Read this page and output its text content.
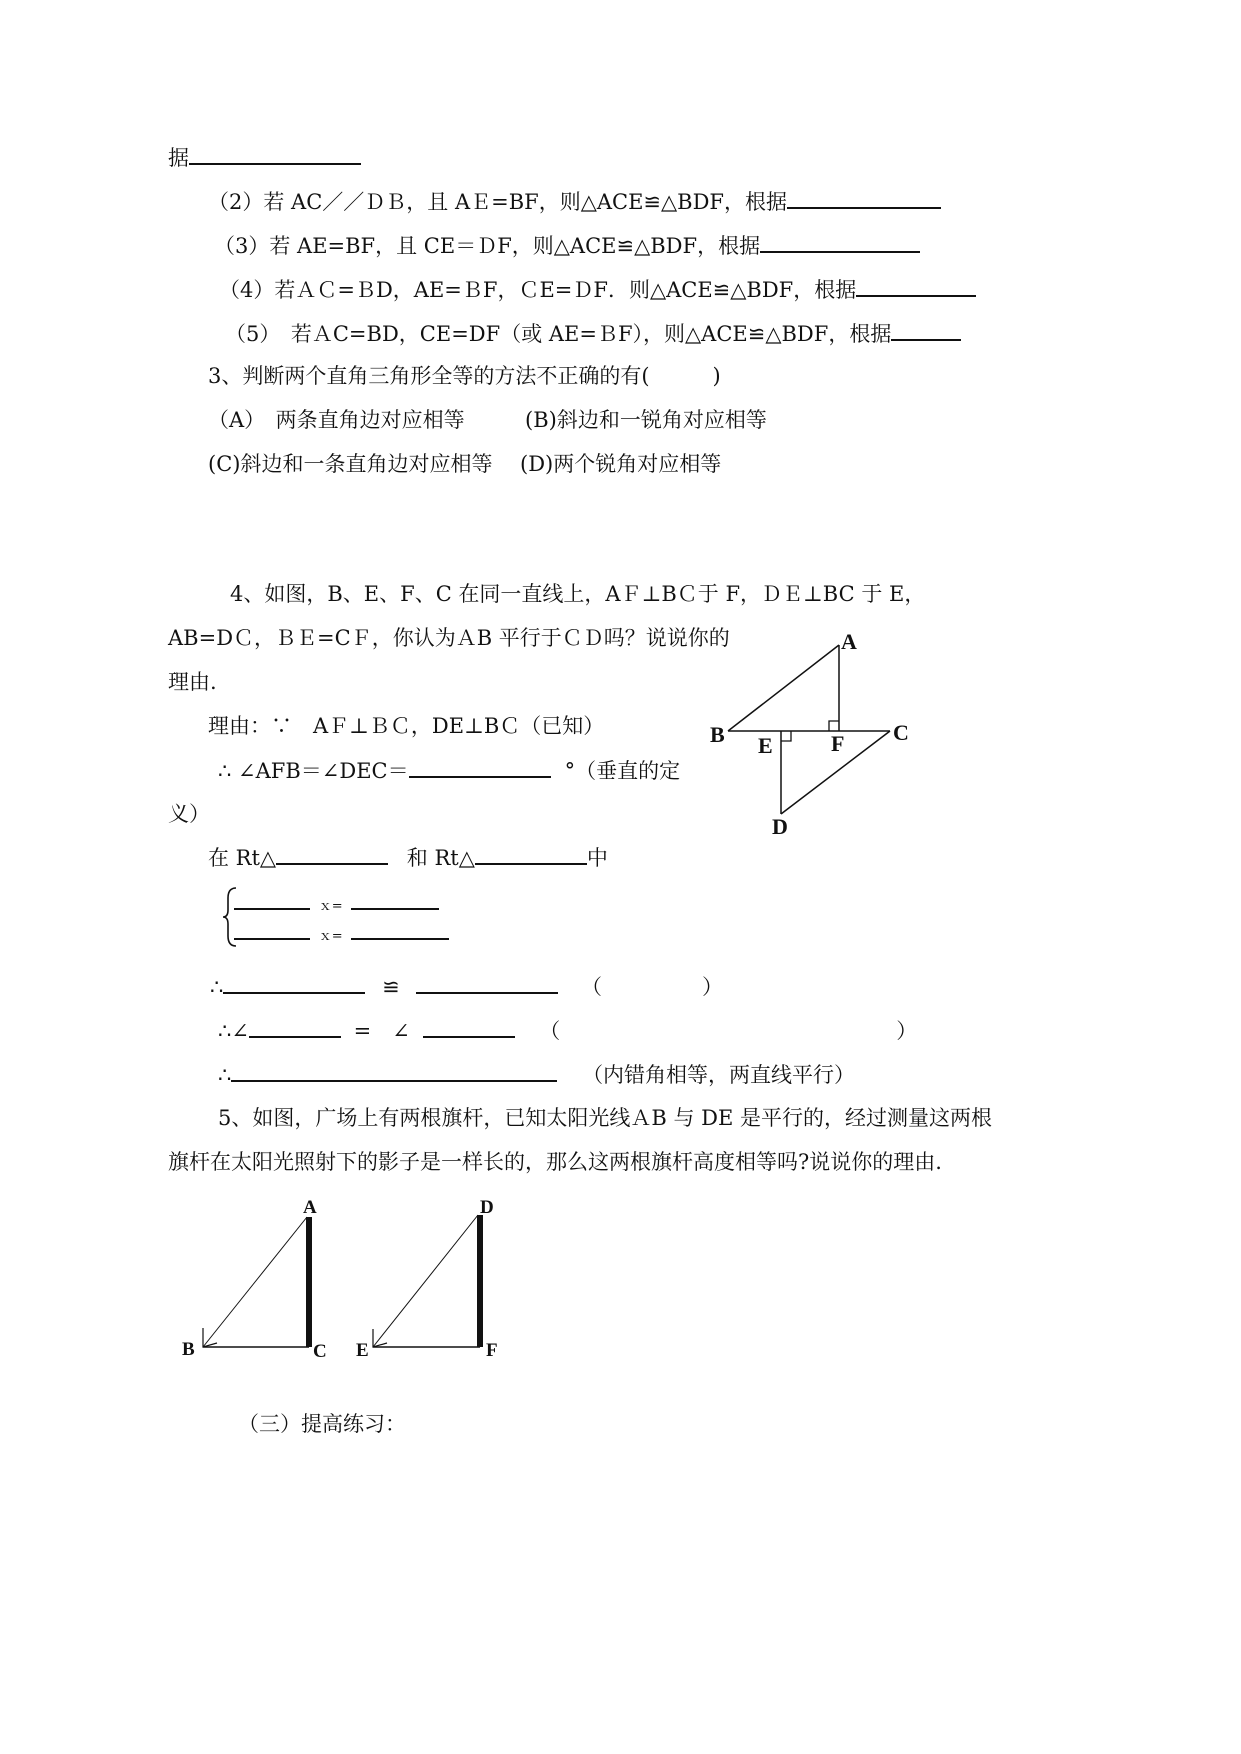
据
（2）若 AC／／ＤＢ，且 AＥ=BF，则△ACE≌△BDF，根据
（3）若 AE=BF，且 CE＝ＤF，则△ACE≌△BDF，根据
（4）若ＡＣ=ＢD，AE=ＢF，ＣE=ＤF．则△ACE≌△BDF，根据
（5）　若ＡC=BD，CE=DF（或 AE=ＢF），则△ACE≌△BDF，根据
3、判断两个直角三角形全等的方法不正确的有(　　　)
（A）　两条直角边对应相等	(B)斜边和一锐角对应相等
(C)斜边和一条直角边对应相等 (D)两个锐角对应相等
4、如图，B、E、F、C 在同一直线上，AＦ⊥BＣ于 F，ＤＥ⊥BC 于 E，
AB=DＣ，ＢＥ=CＦ，你认为ＡB 平行于ＣＤ吗？说说你的
理由.
理由：∵　AＦ⊥ＢＣ，DE⊥BＣ（已知）
∴ ∠AFB＝∠DEC＝	°（垂直的定
义）
在 Rt△	和 Rt△	中
ｘ=
ｘ=
∴	≌	（	）
∴∠	=　∠	（	）
∴	（内错角相等，两直线平行）
A
B	C
D
E	F
5、如图，广场上有两根旗杆，已知太阳光线ＡB 与 DE 是平行的，经过测量这两根
旗杆在太阳光照射下的影子是一样长的，那么这两根旗杆高度相等吗?说说你的理由.
A
B	C
D
E	F
（三）提高练习：
